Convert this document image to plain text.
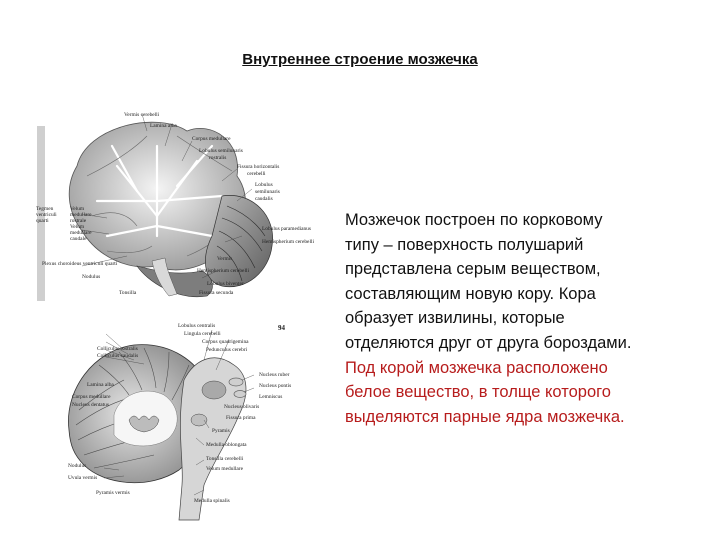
Внутреннее строение мозжечка
Vermis cerebelli
Lamina alba
Corpus medullare
Lobulus semilunaris
rostralis
Fissura horizontalis
cerebelli
Lobulus
semilunaris
caudalis
Tegmen ventriculi quarti
Velum medullare rostrale
Velum medullare caudale
Lobulus paramedianus
Hemispherium cerebelli
Vermis
Plexus choroideus ventriculi quarti
Nodulus
Hemispherium cerebelli
Lobulus biventer
Tonsilla	Fissura secunda
Lobulus centralis
Lingula cerebelli
Corpus quadrigemina
Pedunculus cerebri
Colliculus rostralis
Colliculus caudalis
Lamina alba
Corpus medullare
Nucleus dentatus
Nucleus ruber
Nucleus pontis
Lemniscus
Nucleus olivaris
Fissura prima
Pyramis
Medulla oblongata
Tonsilla cerebelli
Velum medullare
Nodulus
Uvula vermis
Pyramis vermis
Medulla spinalis
94
Мозжечок построен по корковому
типу – поверхность полушарий
представлена серым веществом,
составляющим новую кору. Кора
образует извилины, которые
отделяются друг от друга бороздами.
Под корой мозжечка расположено
белое вещество, в толще которого
выделяются парные ядра мозжечка.
